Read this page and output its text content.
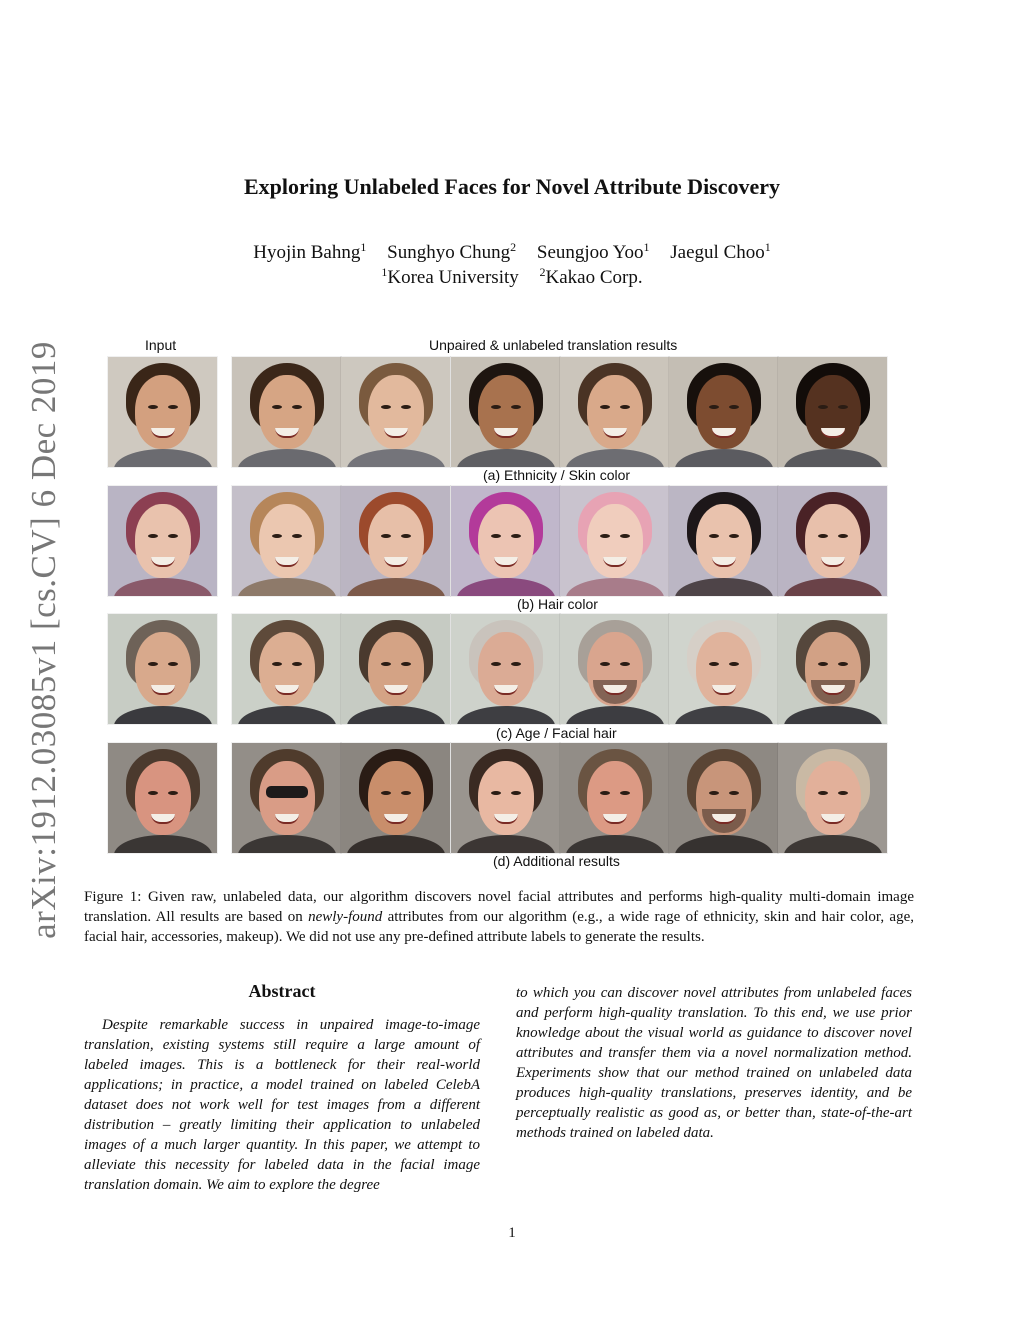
arXiv:1912.03085v1 [cs.CV] 6 Dec 2019
Exploring Unlabeled Faces for Novel Attribute Discovery
Hyojin Bahng$^1$ Sunghyo Chung$^2$ Seungjoo Yoo$^1$ Jaegul Choo$^1$
$^1$Korea University $^2$Kakao Corp.
Input	Unpaired & unlabeled translation results
(a) Ethnicity / Skin color
(b) Hair color
(c) Age / Facial hair
(d) Additional results
Figure 1: Given raw, unlabeled data, our algorithm discovers novel facial attributes and performs high-quality multi-domain image translation. All results are based on newly-found attributes from our algorithm (e.g., a wide rage of ethnicity, skin and hair color, age, facial hair, accessories, makeup). We did not use any pre-defined attribute labels to generate the results.
Abstract
Despite remarkable success in unpaired image-to-image translation, existing systems still require a large amount of labeled images. This is a bottleneck for their real-world applications; in practice, a model trained on labeled CelebA dataset does not work well for test images from a different distribution – greatly limiting their application to unlabeled images of a much larger quantity. In this paper, we attempt to alleviate this necessity for labeled data in the facial image translation domain. We aim to explore the degree
to which you can discover novel attributes from unlabeled faces and perform high-quality translation. To this end, we use prior knowledge about the visual world as guidance to discover novel attributes and transfer them via a novel normalization method. Experiments show that our method trained on unlabeled data produces high-quality translations, preserves identity, and be perceptually realistic as good as, or better than, state-of-the-art methods trained on labeled data.
1
